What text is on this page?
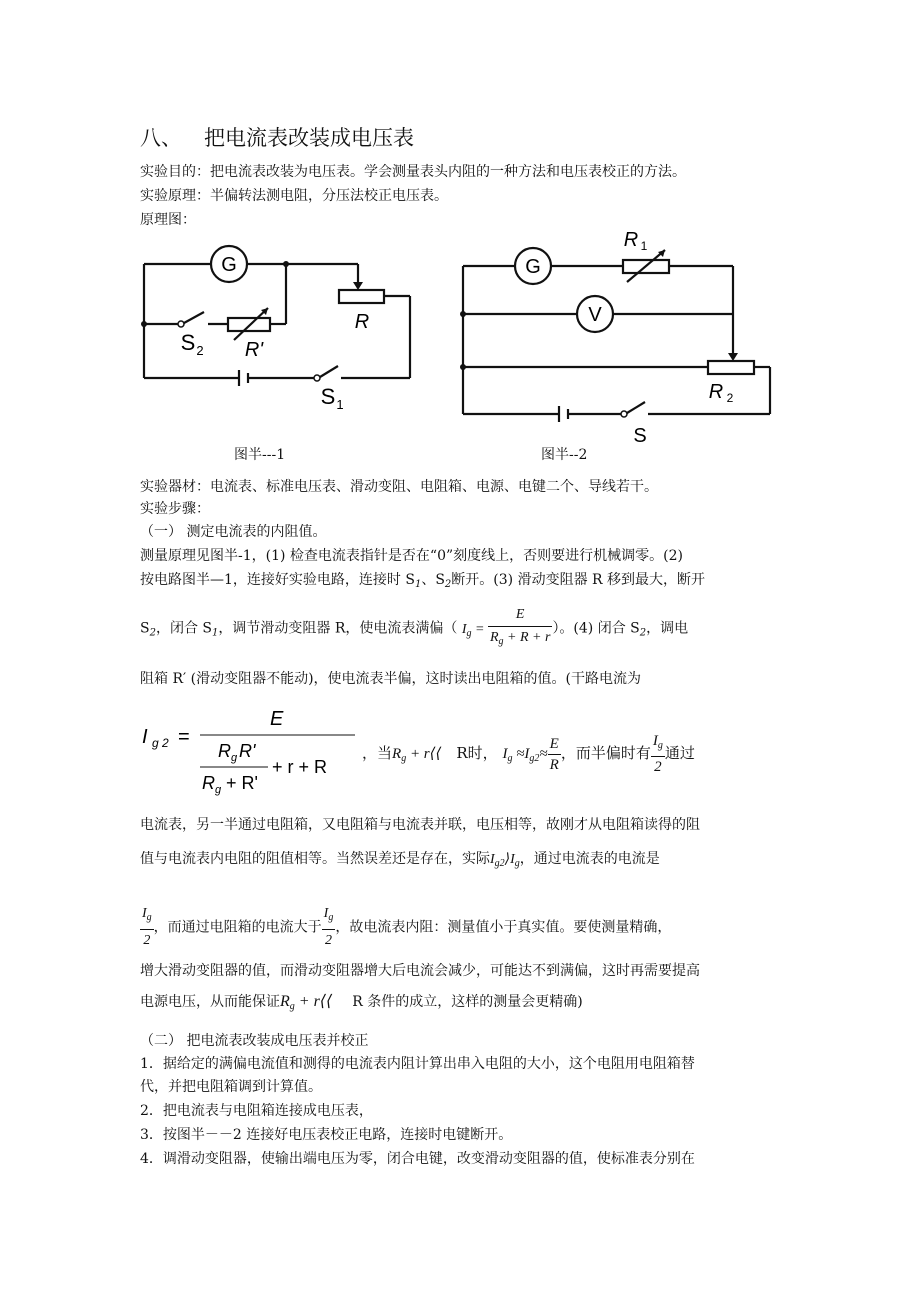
八、 把电流表改装成电压表
实验目的：把电流表改装为电压表。学会测量表头内阻的一种方法和电压表校正的方法。
实验原理：半偏转法测电阻，分压法校正电压表。
原理图：
G
R
R'
S 2
S 1
G
V
R 1
R 2
S
图半---1	图半--2
实验器材：电流表、标准电压表、滑动变阻、电阻箱、电源、电键二个、导线若干。
实验步骤：
（一） 测定电流表的内阻值。
测量原理见图半-1，(1) 检查电流表指针是否在“0”刻度线上，否则要进行机械调零。(2)
按电路图半—1，连接好实验电路，连接时 $S_1$、$S_2$断开。(3) 滑动变阻器 R 移到最大，断开
$S_2$，闭合 $S_1$，调节滑动变阻器 R，使电流表满偏（ $I_g = \frac{E}{R_g + R + r}$ ）。(4) 闭合 $S_2$，调电
阻箱 R′ (滑动变阻器不能动)，使电流表半偏，这时读出电阻箱的值。(干路电流为
I g 2 =
E
R g R'
R g + R'
+ r + R
，当$R_g$ + r⟨⟨    R时， $I_g \approx I_{g2}\approx \frac{E}{R}$ ，而半偏时有 $\frac{I_g}{2}$ 通过
电流表，另一半通过电阻箱，又电阻箱与电流表并联，电压相等，故刚才从电阻箱读得的阻
值与电流表内电阻的阻值相等。当然误差还是存在，实际$I_{g2}⟩I_g$，通过电流表的电流是
$\frac{I_g}{2}$ ，而通过电阻箱的电流大于 $\frac{I_g}{2}$ ，故电流表内阻：测量值小于真实值。要使测量精确，
增大滑动变阻器的值，而滑动变阻器增大后电流会减少，可能达不到满偏，这时再需要提高
电源电压，从而能保证$R_g$ + r⟨⟨     R 条件的成立，这样的测量会更精确)
（二） 把电流表改装成电压表并校正
1．据给定的满偏电流值和测得的电流表内阻计算出串入电阻的大小，这个电阻用电阻箱替
代，并把电阻箱调到计算值。
2．把电流表与电阻箱连接成电压表，
3．按图半－－2 连接好电压表校正电路，连接时电键断开。
4．调滑动变阻器，使输出端电压为零，闭合电键，改变滑动变阻器的值，使标准表分别在
